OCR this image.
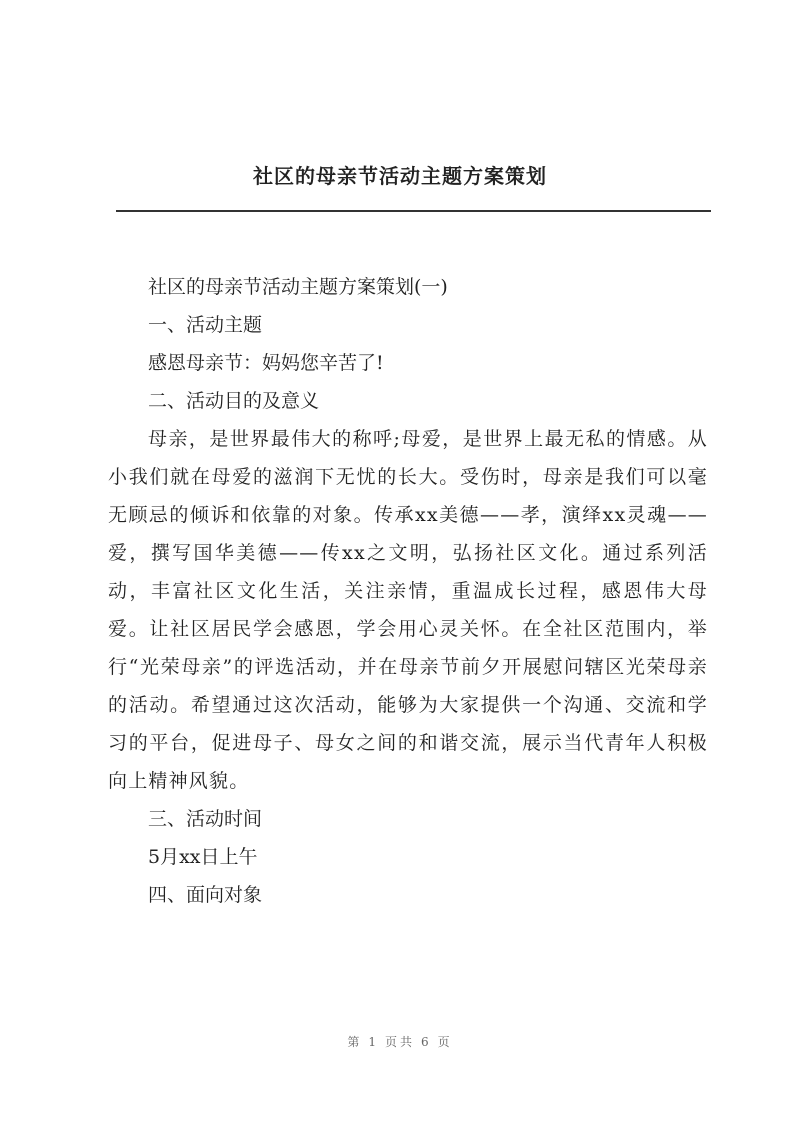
社区的母亲节活动主题方案策划

社区的母亲节活动主题方案策划(一)

一、活动主题

感恩母亲节：妈妈您辛苦了!

二、活动目的及意义

母亲，是世界最伟大的称呼;母爱，是世界上最无私的情感。从小我们就在母爱的滋润下无忧的长大。受伤时，母亲是我们可以毫无顾忌的倾诉和依靠的对象。传承xx美德——孝，演绎xx灵魂——爱，撰写国华美德——传xx之文明，弘扬社区文化。通过系列活动，丰富社区文化生活，关注亲情，重温成长过程，感恩伟大母爱。让社区居民学会感恩，学会用心灵关怀。在全社区范围内，举行“光荣母亲”的评选活动，并在母亲节前夕开展慰问辖区光荣母亲的活动。希望通过这次活动，能够为大家提供一个沟通、交流和学习的平台，促进母子、母女之间的和谐交流，展示当代青年人积极向上精神风貌。

三、活动时间

5月xx日上午

四、面向对象

第 1 页共 6 页
